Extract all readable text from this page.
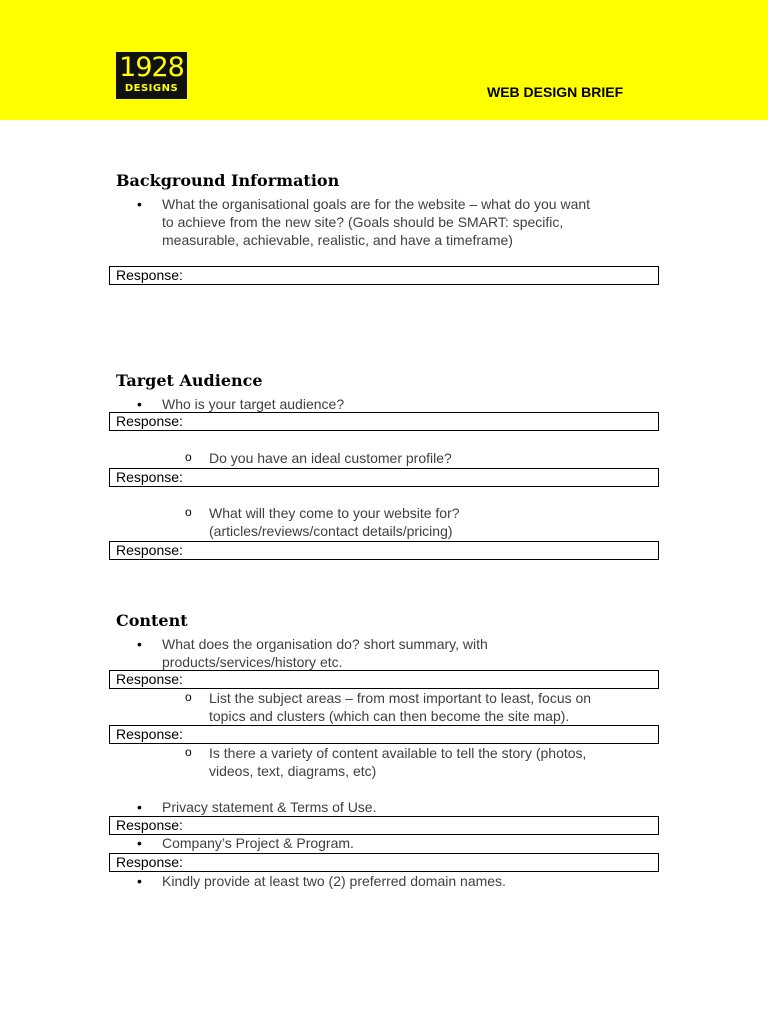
1928
DESIGNS	WEB DESIGN BRIEF
Background Information
• What the organisational goals are for the website – what do you want
to achieve from the new site? (Goals should be SMART: specific,
measurable, achievable, realistic, and have a timeframe)
Response:
Target Audience
• Who is your target audience?
Response:
o Do you have an ideal customer profile?
Response:
o What will they come to your website for?
(articles/reviews/contact details/pricing)
Response:
Content
• What does the organisation do? short summary, with
products/services/history etc.
Response:
o List the subject areas – from most important to least, focus on
topics and clusters (which can then become the site map).
Response:
o Is there a variety of content available to tell the story (photos,
videos, text, diagrams, etc)
• Privacy statement & Terms of Use.
Response:
• Company’s Project & Program.
Response:
• Kindly provide at least two (2) preferred domain names.
